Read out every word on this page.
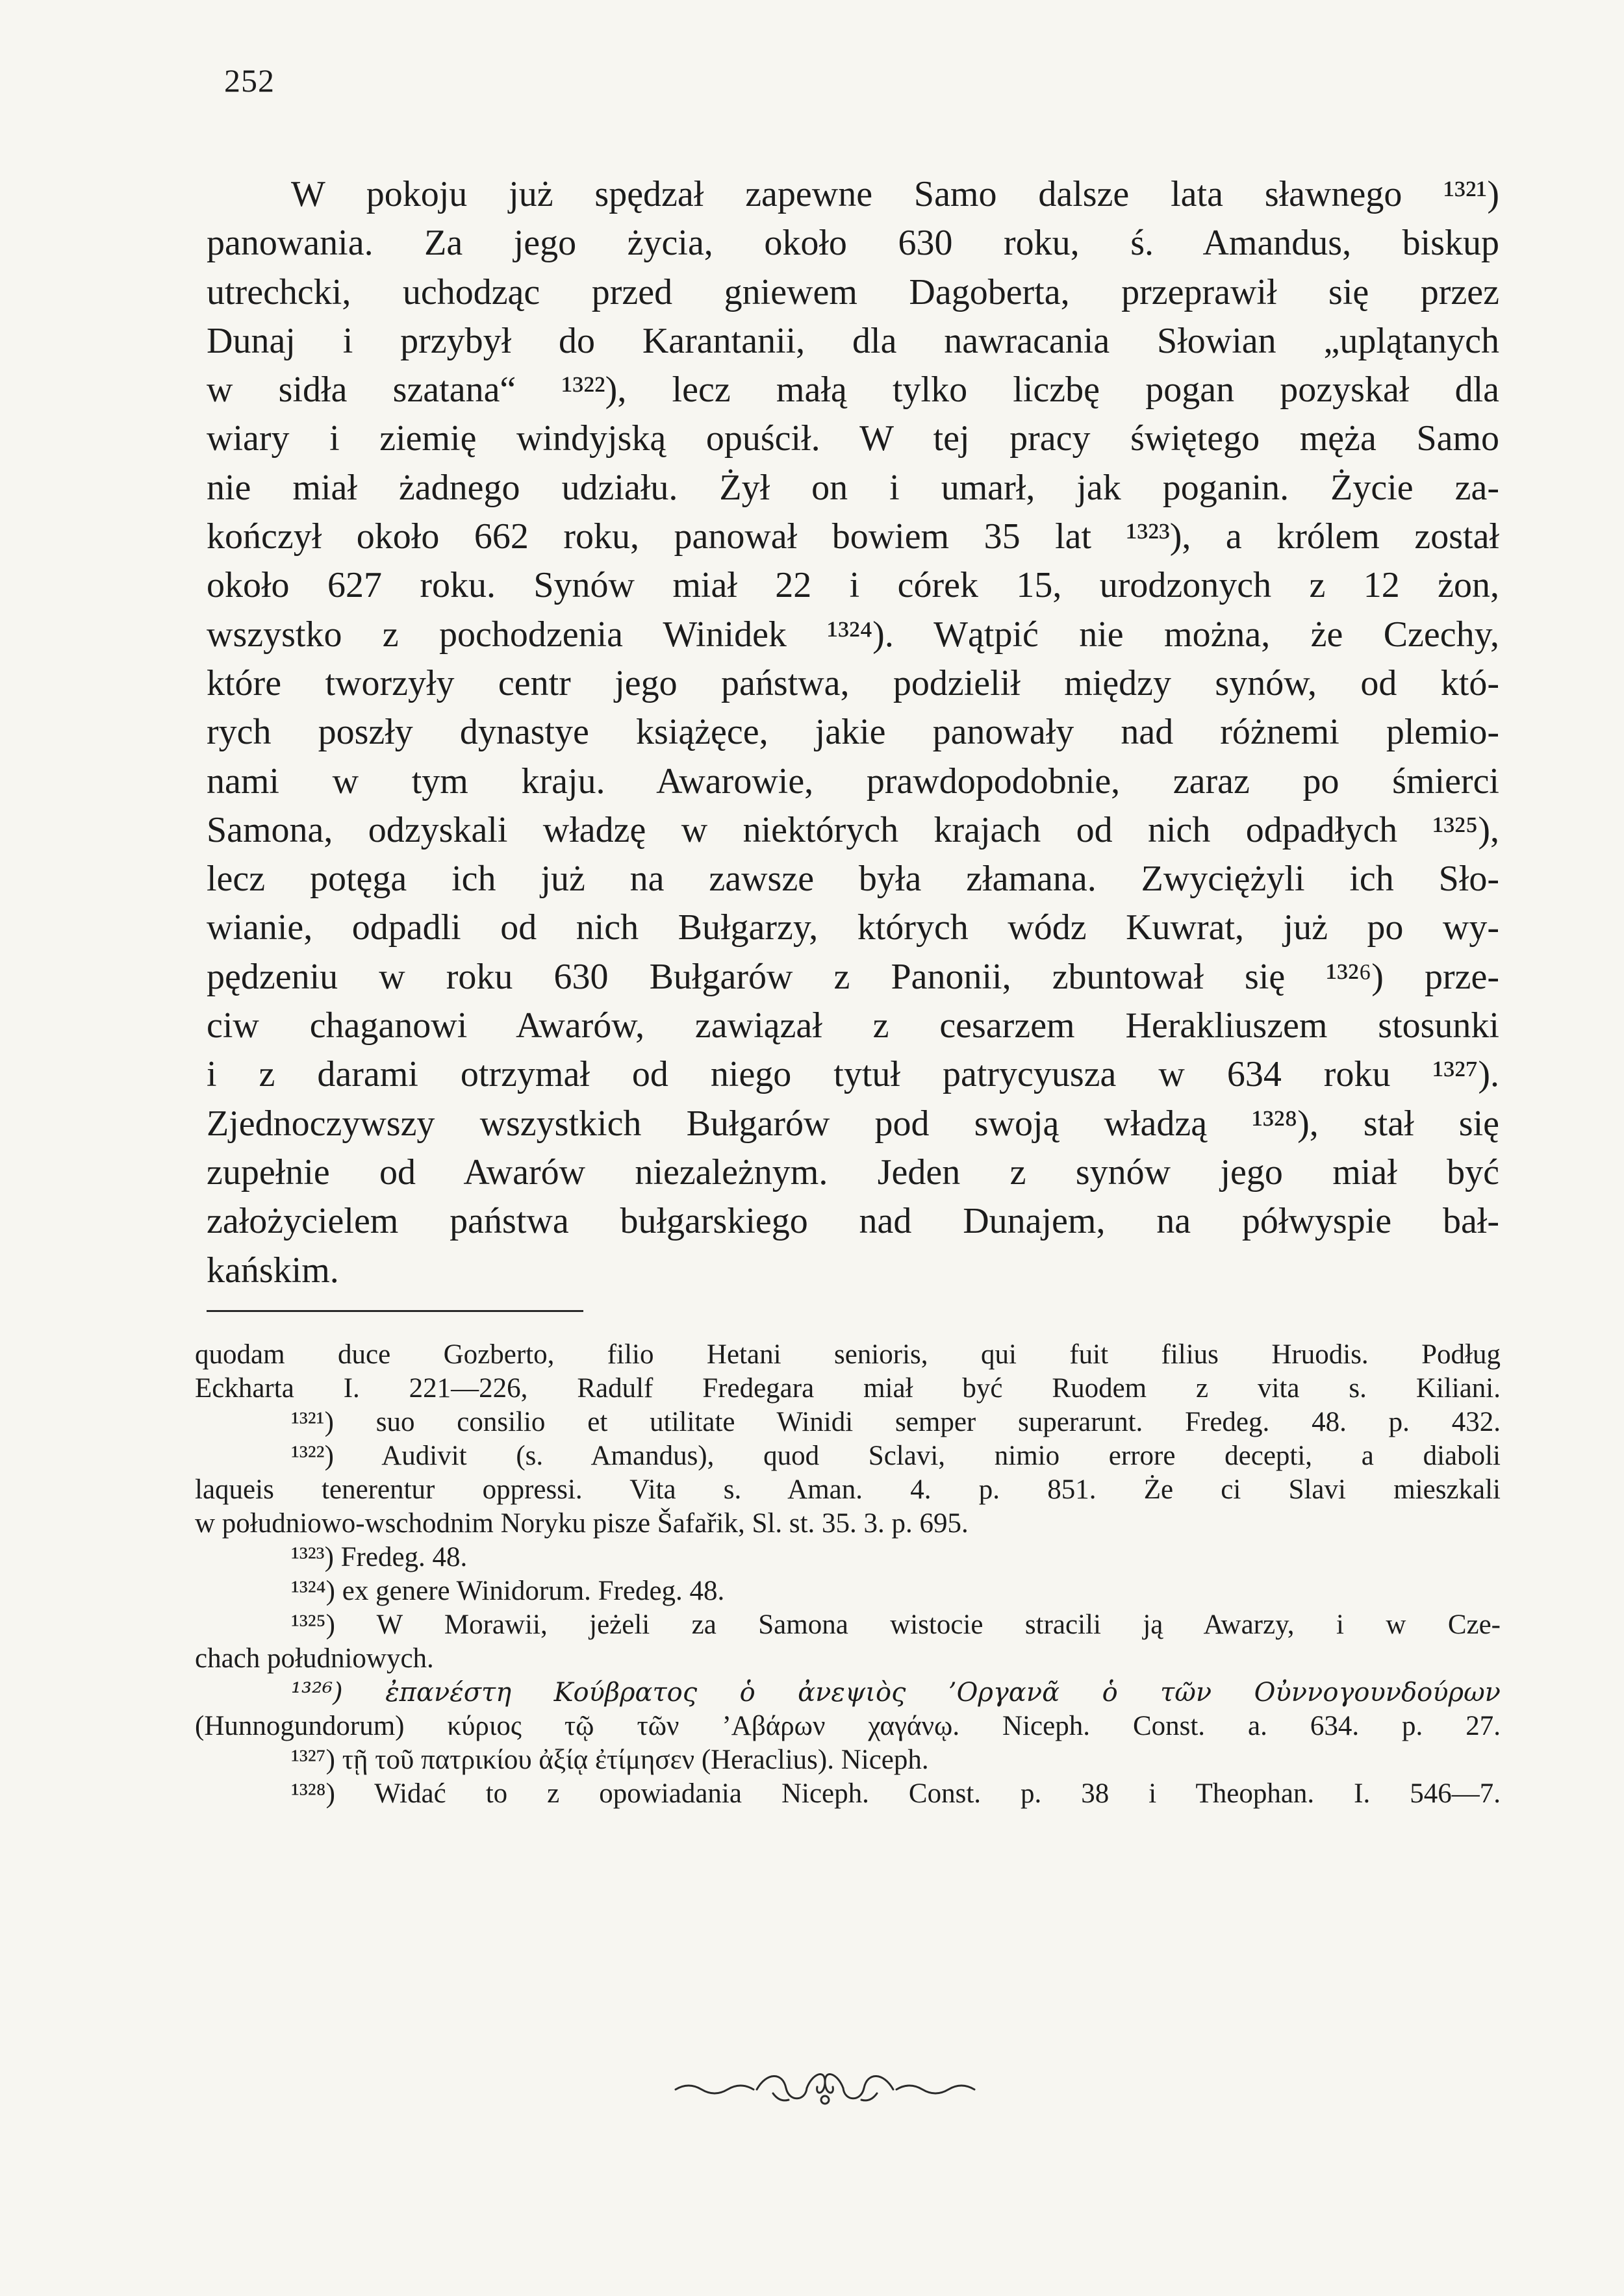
252
W pokoju już spędzał zapewne Samo dalsze lata sławnego ¹³²¹)
panowania. Za jego życia, około 630 roku, ś. Amandus, biskup
utrechcki, uchodząc przed gniewem Dagoberta, przeprawił się przez
Dunaj i przybył do Karantanii, dla nawracania Słowian „uplątanych
w sidła szatana“ ¹³²²), lecz małą tylko liczbę pogan pozyskał dla
wiary i ziemię windyjską opuścił. W tej pracy świętego męża Samo
nie miał żadnego udziału. Żył on i umarł, jak poganin. Życie za-
kończył około 662 roku, panował bowiem 35 lat ¹³²³), a królem został
około 627 roku. Synów miał 22 i córek 15, urodzonych z 12 żon,
wszystko z pochodzenia Winidek ¹³²⁴). Wątpić nie można, że Czechy,
które tworzyły centr jego państwa, podzielił między synów, od któ-
rych poszły dynastye książęce, jakie panowały nad różnemi plemio-
nami w tym kraju. Awarowie, prawdopodobnie, zaraz po śmierci
Samona, odzyskali władzę w niektórych krajach od nich odpadłych ¹³²⁵),
lecz potęga ich już na zawsze była złamana. Zwyciężyli ich Sło-
wianie, odpadli od nich Bułgarzy, których wódz Kuwrat, już po wy-
pędzeniu w roku 630 Bułgarów z Panonii, zbuntował się ¹³²⁶) prze-
ciw chaganowi Awarów, zawiązał z cesarzem Herakliuszem stosunki
i z darami otrzymał od niego tytuł patrycyusza w 634 roku ¹³²⁷).
Zjednoczywszy wszystkich Bułgarów pod swoją władzą ¹³²⁸), stał się
zupełnie od Awarów niezależnym. Jeden z synów jego miał być
założycielem państwa bułgarskiego nad Dunajem, na półwyspie bał-
kańskim.
quodam duce Gozberto, filio Hetani senioris, qui fuit filius Hruodis. Podług
Eckharta I. 221—226, Radulf Fredegara miał być Ruodem z vita s. Kiliani.
¹³²¹) suo consilio et utilitate Winidi semper superarunt. Fredeg. 48. p. 432.
¹³²²) Audivit (s. Amandus), quod Sclavi, nimio errore decepti, a diaboli
laqueis tenerentur oppressi. Vita s. Aman. 4. p. 851. Że ci Slavi mieszkali
w południowo-wschodnim Noryku pisze Šafařik, Sl. st. 35. 3. p. 695.
¹³²³) Fredeg. 48.
¹³²⁴) ex genere Winidorum. Fredeg. 48.
¹³²⁵) W Morawii, jeżeli za Samona wistocie stracili ją Awarzy, i w Cze-
chach południowych.
¹³²⁶) ἐπανέστη Κούβρατος ὁ ἀνεψιὸς ’Οργανᾶ ὁ τῶν Οὐννογουνδούρων
(Hunnogundorum) κύριος τῷ τῶν ’Αβάρων χαγάνῳ. Niceph. Const. a. 634. p. 27.
¹³²⁷) τῇ τοῦ πατρικίου ἀξίᾳ ἐτίμησεν (Heraclius). Niceph.
¹³²⁸) Widać to z opowiadania Niceph. Const. p. 38 i Theophan. I. 546—7.
